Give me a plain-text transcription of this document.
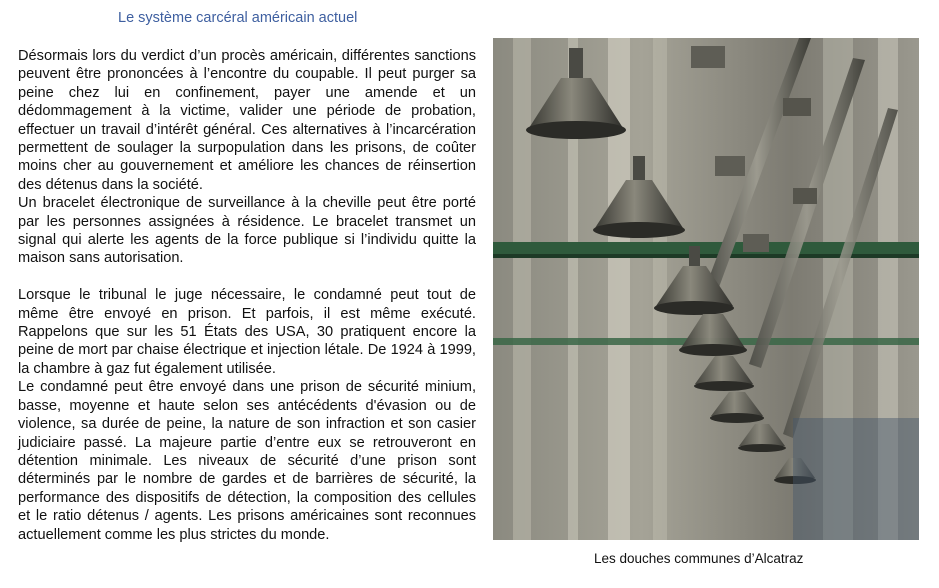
Le système carcéral américain actuel

Désormais lors du verdict d’un procès américain, différentes sanctions peuvent être prononcées à l’encontre du coupable. Il peut purger sa peine chez lui en confinement, payer une amende et un dédommagement à la victime, valider une période de probation, effectuer un travail d’intérêt général. Ces alternatives à l’incarcération permettent de soulager la surpopulation dans les prisons, de coûter moins cher au gouvernement et améliore les chances de réinsertion des détenus dans la société.

Un bracelet électronique de surveillance à la cheville peut être porté par les personnes assignées à résidence. Le bracelet transmet un signal qui alerte les agents de la force publique si l’individu quitte la maison sans autorisation.

Lorsque le tribunal le juge nécessaire, le condamné peut tout de même être envoyé en prison. Et parfois, il est même exécuté. Rappelons que sur les 51 États des USA, 30 pratiquent encore la peine de mort par chaise électrique et injection létale. De 1924 à 1999, la chambre à gaz fut également utilisée.

Le condamné peut être envoyé dans une prison de sécurité minium, basse, moyenne et haute selon ses antécédents d'évasion ou de violence, sa durée de peine, la nature de son infraction et son casier judiciaire passé. La majeure partie d’entre eux se retrouveront en détention minimale. Les niveaux de sécurité d’une prison sont déterminés par le nombre de gardes et de barrières de sécurité, la performance des dispositifs de détection, la composition des cellules et le ratio détenus / agents. Les prisons américaines sont reconnues actuellement comme les plus strictes du monde.

Les douches communes d’Alcatraz
